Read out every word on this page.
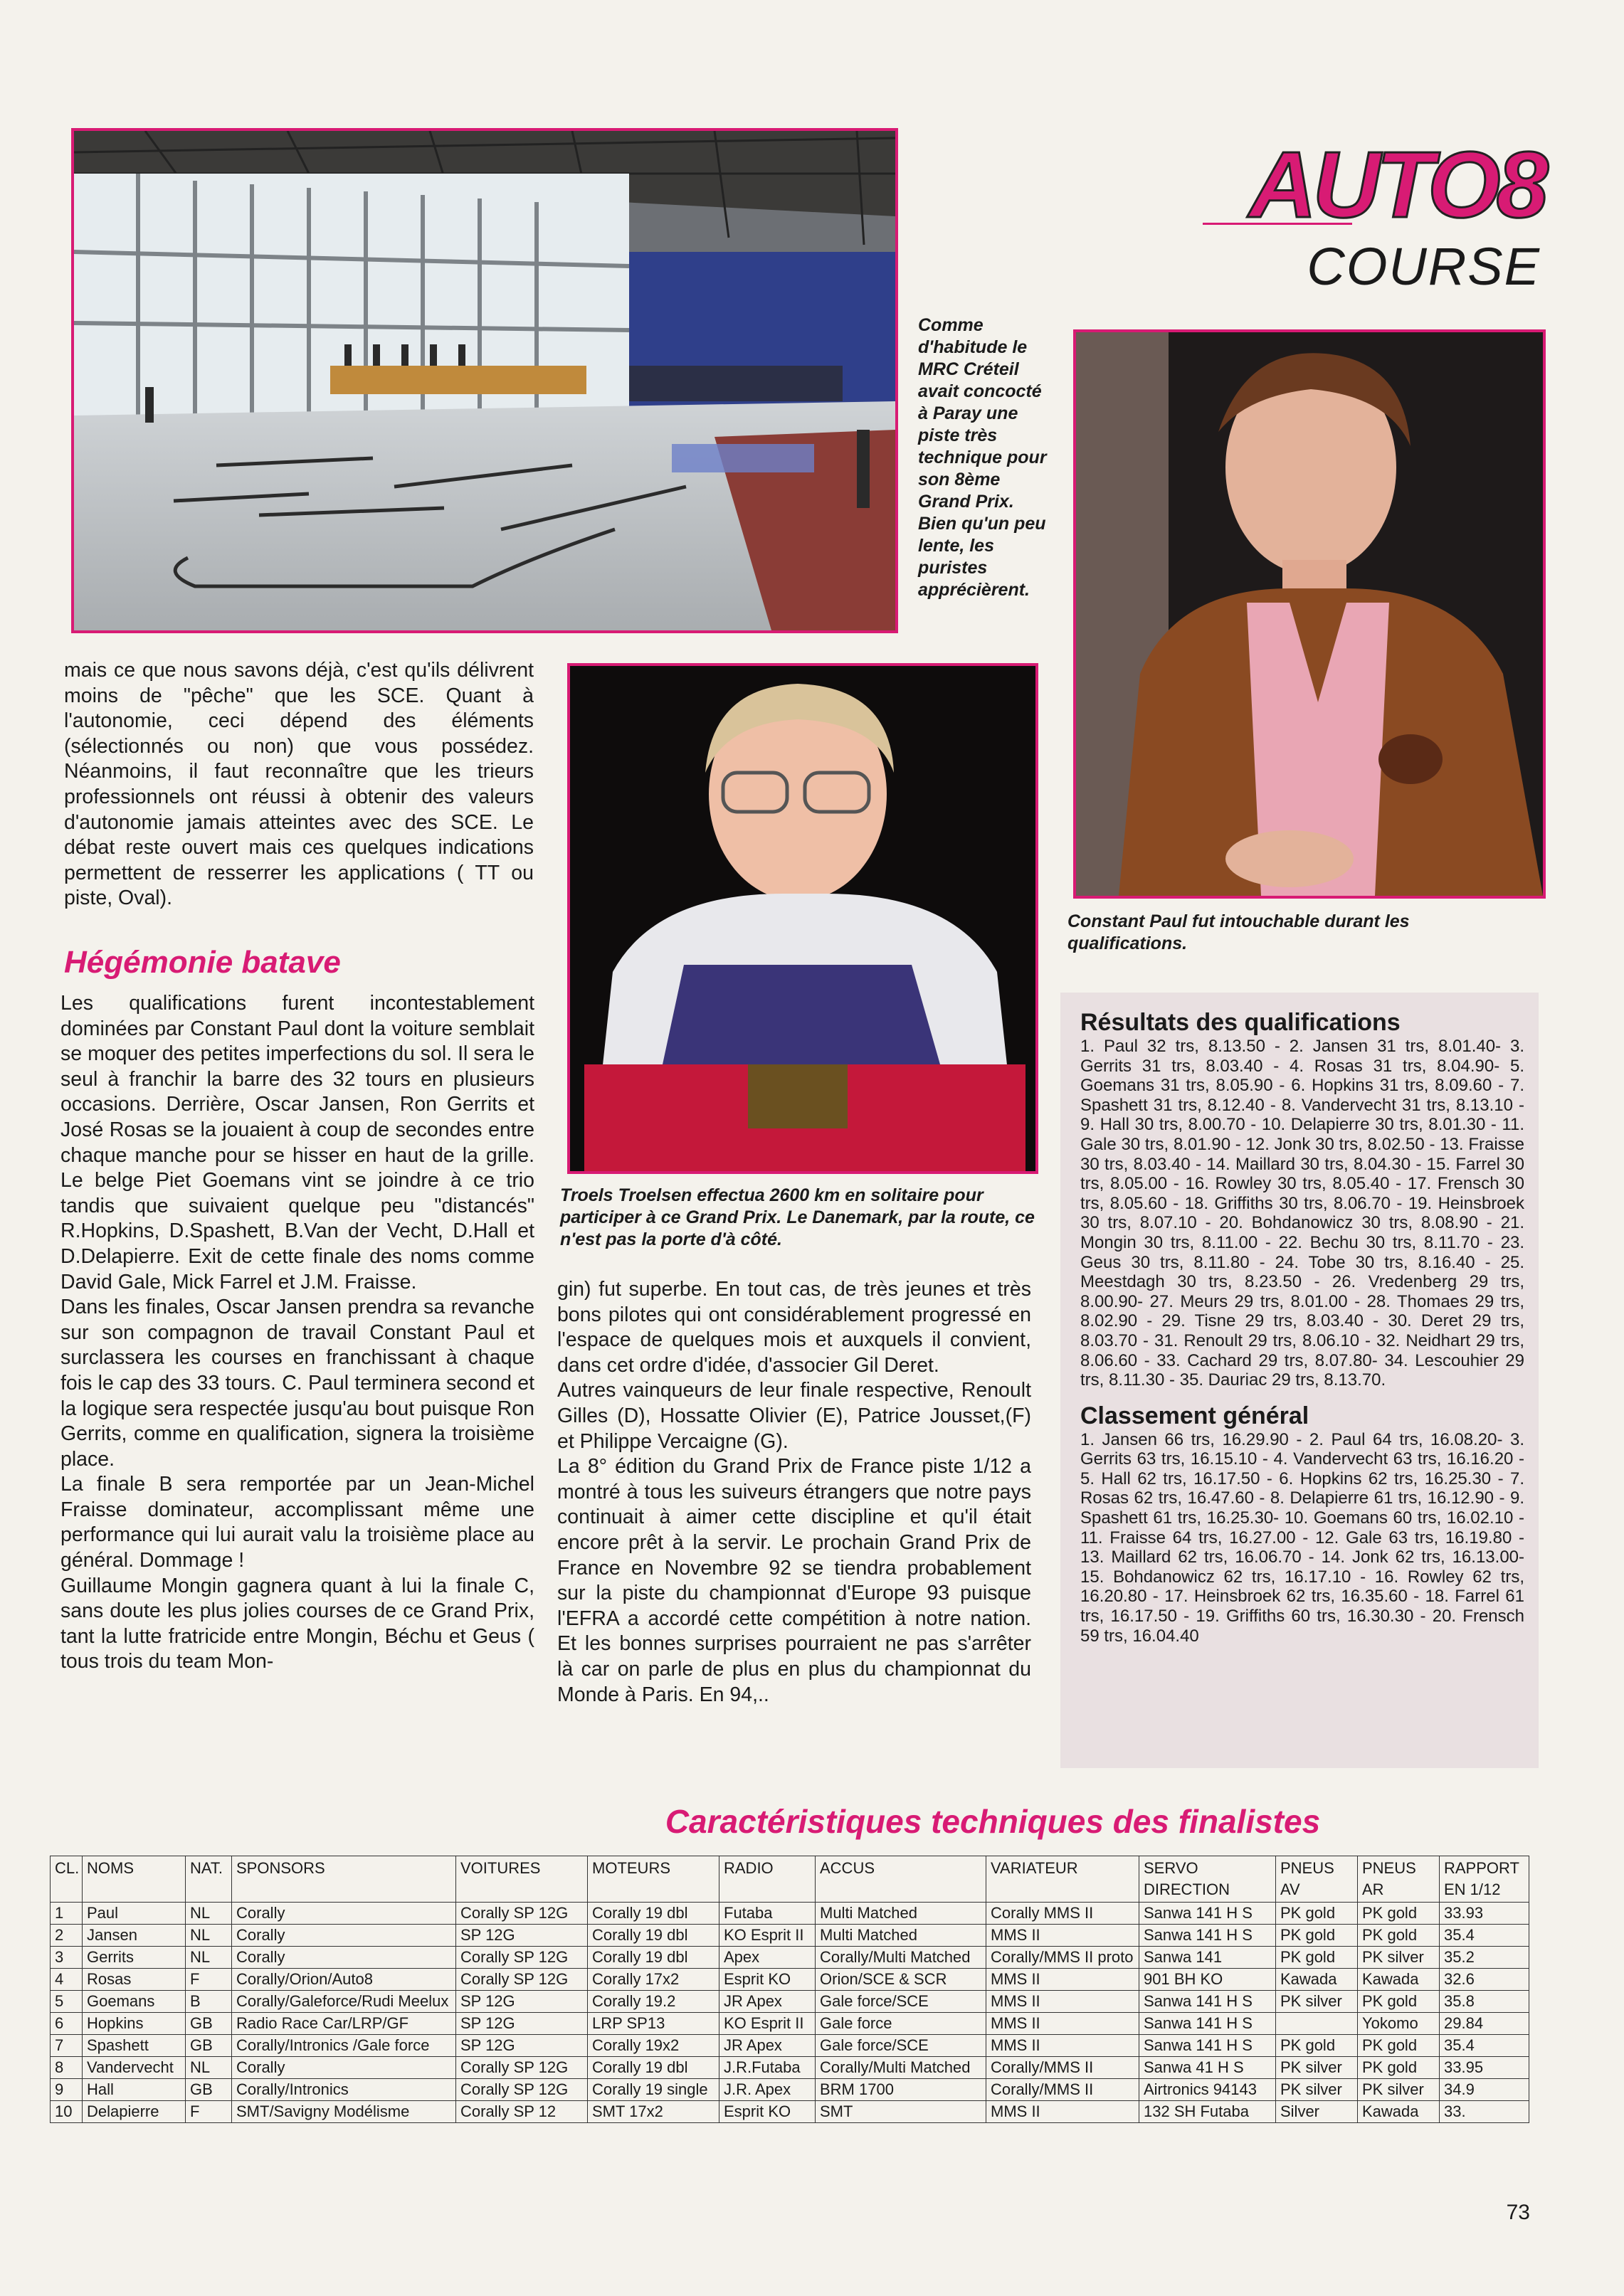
AUTO8
COURSE
Comme d'habitude le MRC Créteil avait concocté à Paray une piste très technique pour son 8ème Grand Prix. Bien qu'un peu lente, les puristes apprécièrent.
Constant Paul fut intouchable durant les qualifications.
Troels Troelsen effectua 2600 km en solitaire pour participer à ce Grand Prix. Le Danemark, par la route, ce n'est pas la porte d'à côté.

mais ce que nous savons déjà, c'est qu'ils délivrent moins de "pêche" que les SCE. Quant à l'autonomie, ceci dépend des éléments (sélectionnés ou non) que vous possédez. Néanmoins, il faut reconnaître que les trieurs professionnels ont réussi à obtenir des valeurs d'autonomie jamais atteintes avec des SCE. Le débat reste ouvert mais ces quelques indications permettent de resserrer les applications ( TT ou piste, Oval).

Hégémonie batave

Les qualifications furent incontestablement dominées par Constant Paul dont la voiture semblait se moquer des petites imperfections du sol. Il sera le seul à franchir la barre des 32 tours en plusieurs occasions. Derrière, Oscar Jansen, Ron Gerrits et José Rosas se la jouaient à coup de secondes entre chaque manche pour se hisser en haut de la grille. Le belge Piet Goemans vint se joindre à ce trio tandis que suivaient quelque peu "distancés" R.Hopkins, D.Spashett, B.Van der Vecht, D.Hall et D.Delapierre. Exit de cette finale des noms comme David Gale, Mick Farrel et J.M. Fraisse.

Dans les finales, Oscar Jansen prendra sa revanche sur son compagnon de travail Constant Paul et surclassera les courses en franchissant à chaque fois le cap des 33 tours. C. Paul terminera second et la logique sera respectée jusqu'au bout puisque Ron Gerrits, comme en qualification, signera la troisième place.

La finale B sera remportée par un Jean-Michel Fraisse dominateur, accomplissant même une performance qui lui aurait valu la troisième place au général. Dommage !

Guillaume Mongin gagnera quant à lui la finale C, sans doute les plus jolies courses de ce Grand Prix, tant la lutte fratricide entre Mongin, Béchu et Geus ( tous trois du team Mon-

gin) fut superbe. En tout cas, de très jeunes et très bons pilotes qui ont considérablement progressé en l'espace de quelques mois et auxquels il convient, dans cet ordre d'idée, d'associer Gil Deret.

Autres vainqueurs de leur finale respective, Renoult Gilles (D), Hossatte Olivier (E), Patrice Jousset,(F) et Philippe Vercaigne (G).

La 8° édition du Grand Prix de France piste 1/12 a montré à tous les suiveurs étrangers que notre pays continuait à aimer cette discipline et qu'il était encore prêt à la servir. Le prochain Grand Prix de France en Novembre 92 se tiendra probablement sur la piste du championnat d'Europe 93 puisque l'EFRA a accordé cette compétition à notre nation. Et les bonnes surprises pourraient ne pas s'arrêter là car on parle de plus en plus du championnat du Monde à Paris. En 94,..

Résultats des qualifications

1. Paul 32 trs, 8.13.50 - 2. Jansen 31 trs, 8.01.40- 3. Gerrits 31 trs, 8.03.40 - 4. Rosas 31 trs, 8.04.90- 5. Goemans 31 trs, 8.05.90 - 6. Hopkins 31 trs, 8.09.60 - 7. Spashett 31 trs, 8.12.40 - 8. Vandervecht 31 trs, 8.13.10 - 9. Hall 30 trs, 8.00.70 - 10. Delapierre 30 trs, 8.01.30 - 11. Gale 30 trs, 8.01.90 - 12. Jonk 30 trs, 8.02.50 - 13. Fraisse 30 trs, 8.03.40 - 14. Maillard 30 trs, 8.04.30 - 15. Farrel 30 trs, 8.05.00 - 16. Rowley 30 trs, 8.05.40 - 17. Frensch 30 trs, 8.05.60 - 18. Griffiths 30 trs, 8.06.70 - 19. Heinsbroek 30 trs, 8.07.10 - 20. Bohdanowicz 30 trs, 8.08.90 - 21. Mongin 30 trs, 8.11.00 - 22. Bechu 30 trs, 8.11.70 - 23. Geus 30 trs, 8.11.80 - 24. Tobe 30 trs, 8.16.40 - 25. Meestdagh 30 trs, 8.23.50 - 26. Vredenberg 29 trs, 8.00.90- 27. Meurs 29 trs, 8.01.00 - 28. Thomaes 29 trs, 8.02.90 - 29. Tisne 29 trs, 8.03.40 - 30. Deret 29 trs, 8.03.70 - 31. Renoult 29 trs, 8.06.10 - 32. Neidhart 29 trs, 8.06.60 - 33. Cachard 29 trs, 8.07.80- 34. Lescouhier 29 trs, 8.11.30 - 35. Dauriac 29 trs, 8.13.70.

Classement général

1. Jansen 66 trs, 16.29.90 - 2. Paul 64 trs, 16.08.20- 3. Gerrits 63 trs, 16.15.10 - 4. Vandervecht 63 trs, 16.16.20 - 5. Hall 62 trs, 16.17.50 - 6. Hopkins 62 trs, 16.25.30 - 7. Rosas 62 trs, 16.47.60 - 8. Delapierre 61 trs, 16.12.90 - 9. Spashett 61 trs, 16.25.30- 10. Goemans 60 trs, 16.02.10 - 11. Fraisse 64 trs, 16.27.00 - 12. Gale 63 trs, 16.19.80 - 13. Maillard 62 trs, 16.06.70 - 14. Jonk 62 trs, 16.13.00- 15. Bohdanowicz 62 trs, 16.17.10 - 16. Rowley 62 trs, 16.20.80 - 17. Heinsbroek 62 trs, 16.35.60 - 18. Farrel 61 trs, 16.17.50 - 19. Griffiths 60 trs, 16.30.30 - 20. Frensch 59 trs, 16.04.40

Caractéristiques techniques des finalistes
CL.	NOMS	NAT.	SPONSORS	VOITURES	MOTEURS	RADIO	ACCUS	VARIATEUR	SERVO DIRECTION	PNEUS AV	PNEUS AR	RAPPORT EN 1/12
1	Paul	NL	Corally	Corally SP 12G	Corally 19 dbl	Futaba	Multi Matched	Corally MMS II	Sanwa 141 H S	PK gold	PK gold	33.93
2	Jansen	NL	Corally	SP 12G	Corally 19 dbl	KO Esprit II	Multi Matched	MMS II	Sanwa 141 H S	PK gold	PK gold	35.4
3	Gerrits	NL	Corally	Corally SP 12G	Corally 19 dbl	Apex	Corally/Multi Matched	Corally/MMS II proto	Sanwa 141	PK gold	PK silver	35.2
4	Rosas	F	Corally/Orion/Auto8	Corally SP 12G	Corally 17x2	Esprit KO	Orion/SCE & SCR	MMS II	901 BH KO	Kawada	Kawada	32.6
5	Goemans	B	Corally/Galeforce/Rudi Meelux	SP 12G	Corally 19.2	JR Apex	Gale force/SCE	MMS II	Sanwa 141 H S	PK silver	PK gold	35.8
6	Hopkins	GB	Radio Race Car/LRP/GF	SP 12G	LRP SP13	KO Esprit II	Gale force	MMS II	Sanwa 141 H S		Yokomo	29.84
7	Spashett	GB	Corally/Intronics /Gale force	SP 12G	Corally 19x2	JR Apex	Gale force/SCE	MMS II	Sanwa 141 H S	PK gold	PK gold	35.4
8	Vandervecht	NL	Corally	Corally SP 12G	Corally 19 dbl	J.R.Futaba	Corally/Multi Matched	Corally/MMS II	Sanwa 41 H S	PK silver	PK gold	33.95
9	Hall	GB	Corally/Intronics	Corally SP 12G	Corally 19 single	J.R. Apex	BRM 1700	Corally/MMS II	Airtronics 94143	PK silver	PK silver	34.9
10	Delapierre	F	SMT/Savigny Modélisme	Corally SP 12	SMT 17x2	Esprit KO	SMT	MMS II	132 SH Futaba	Silver	Kawada	33.
73
